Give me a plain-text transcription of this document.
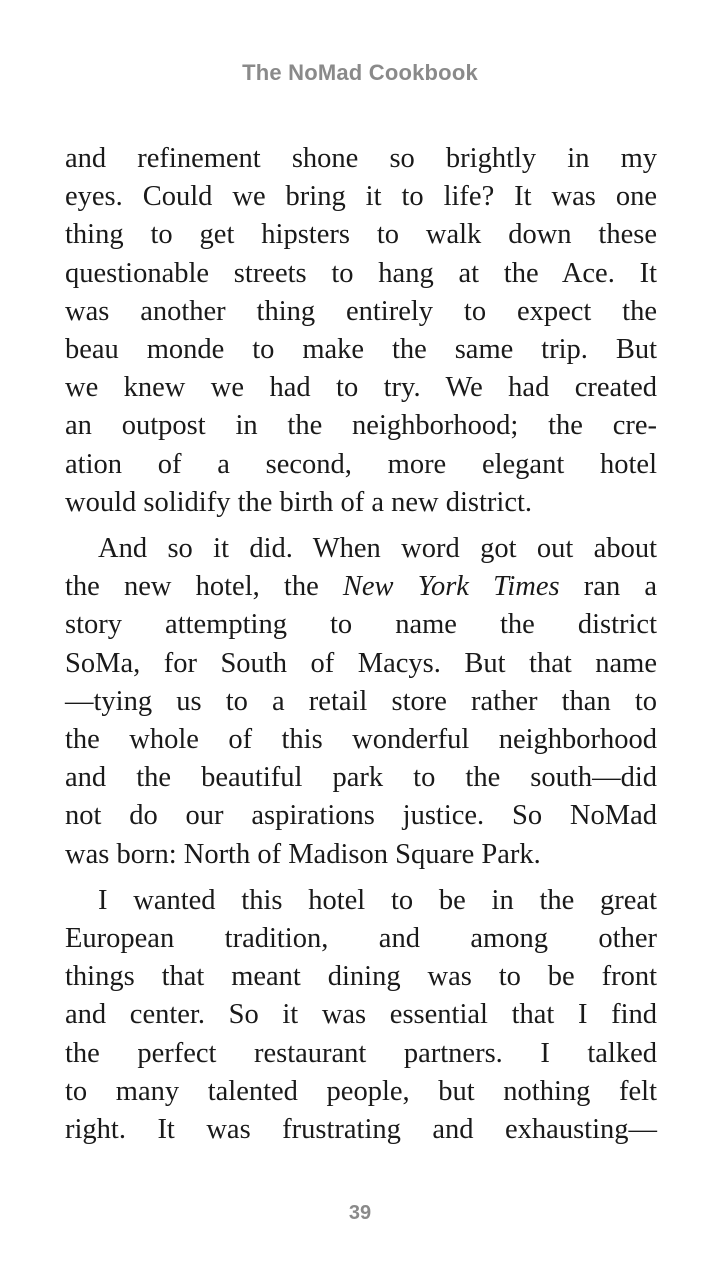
The NoMad Cookbook
and refinement shone so brightly in my
eyes. Could we bring it to life? It was one
thing to get hipsters to walk down these
questionable streets to hang at the Ace. It
was another thing entirely to expect the
beau monde to make the same trip. But
we knew we had to try. We had created
an outpost in the neighborhood; the cre-
ation of a second, more elegant hotel
would solidify the birth of a new district.
And so it did. When word got out about
the new hotel, the New York Times ran a
story attempting to name the district
SoMa, for South of Macys. But that name
—tying us to a retail store rather than to
the whole of this wonderful neighborhood
and the beautiful park to the south—did
not do our aspirations justice. So NoMad
was born: North of Madison Square Park.
I wanted this hotel to be in the great
European tradition, and among other
things that meant dining was to be front
and center. So it was essential that I find
the perfect restaurant partners. I talked
to many talented people, but nothing felt
right. It was frustrating and exhausting—
39
